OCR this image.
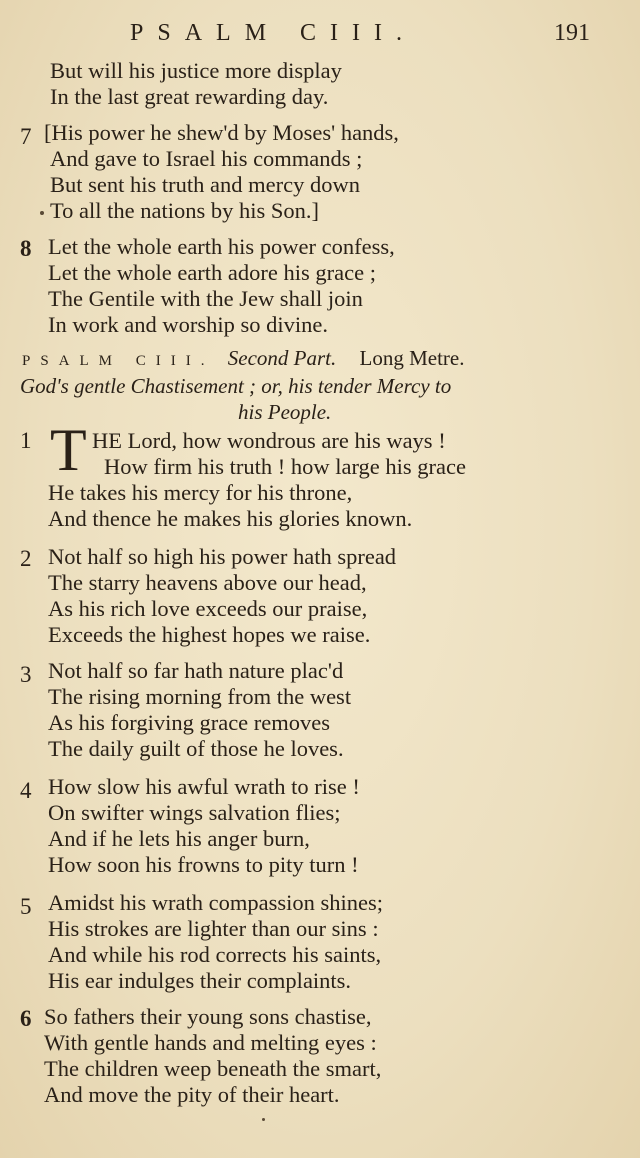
PSALM CIII.	191
But will his justice more display
In the last great rewarding day.
7 [His power he shew'd by Moses' hands,
And gave to Israel his commands ;
But sent his truth and mercy down
To all the nations by his Son.]
8 Let the whole earth his power confess,
Let the whole earth adore his grace ;
The Gentile with the Jew shall join
In work and worship so divine.
PSALM CIII. Second Part. Long Metre.
God's gentle Chastisement ; or, his tender Mercy to
his People.
1 T HE Lord, how wondrous are his ways !
How firm his truth ! how large his grace
He takes his mercy for his throne,
And thence he makes his glories known.
2 Not half so high his power hath spread
The starry heavens above our head,
As his rich love exceeds our praise,
Exceeds the highest hopes we raise.
3 Not half so far hath nature plac'd
The rising morning from the west
As his forgiving grace removes
The daily guilt of those he loves.
4 How slow his awful wrath to rise !
On swifter wings salvation flies;
And if he lets his anger burn,
How soon his frowns to pity turn !
5 Amidst his wrath compassion shines;
His strokes are lighter than our sins :
And while his rod corrects his saints,
His ear indulges their complaints.
6 So fathers their young sons chastise,
With gentle hands and melting eyes :
The children weep beneath the smart,
And move the pity of their heart.
